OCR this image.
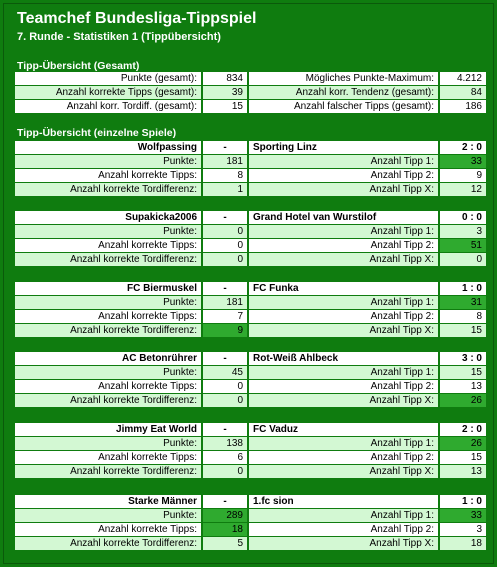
Teamchef Bundesliga-Tippspiel
7. Runde - Statistiken 1 (Tippübersicht)
Tipp-Übersicht (Gesamt)
Punkte (gesamt):	834	Mögliches Punkte-Maximum:	4.212
Anzahl korrekte Tipps (gesamt):	39	Anzahl korr. Tendenz (gesamt):	84
Anzahl korr. Tordiff. (gesamt):	15	Anzahl falscher Tipps (gesamt):	186
Tipp-Übersicht (einzelne Spiele)
Wolfpassing	-	Sporting Linz	2 : 0
Punkte:	181	Anzahl Tipp 1:	33
Anzahl korrekte Tipps:	8	Anzahl Tipp 2:	9
Anzahl korrekte Tordifferenz:	1	Anzahl Tipp X:	12
Supakicka2006	-	Grand Hotel van Wurstilof	0 : 0
Punkte:	0	Anzahl Tipp 1:	3
Anzahl korrekte Tipps:	0	Anzahl Tipp 2:	51
Anzahl korrekte Tordifferenz:	0	Anzahl Tipp X:	0
FC Biermuskel	-	FC Funka	1 : 0
Punkte:	181	Anzahl Tipp 1:	31
Anzahl korrekte Tipps:	7	Anzahl Tipp 2:	8
Anzahl korrekte Tordifferenz:	9	Anzahl Tipp X:	15
AC Betonrührer	-	Rot-Weiß Ahlbeck	3 : 0
Punkte:	45	Anzahl Tipp 1:	15
Anzahl korrekte Tipps:	0	Anzahl Tipp 2:	13
Anzahl korrekte Tordifferenz:	0	Anzahl Tipp X:	26
Jimmy Eat World	-	FC Vaduz	2 : 0
Punkte:	138	Anzahl Tipp 1:	26
Anzahl korrekte Tipps:	6	Anzahl Tipp 2:	15
Anzahl korrekte Tordifferenz:	0	Anzahl Tipp X:	13
Starke Männer	-	1.fc sion	1 : 0
Punkte:	289	Anzahl Tipp 1:	33
Anzahl korrekte Tipps:	18	Anzahl Tipp 2:	3
Anzahl korrekte Tordifferenz:	5	Anzahl Tipp X:	18
